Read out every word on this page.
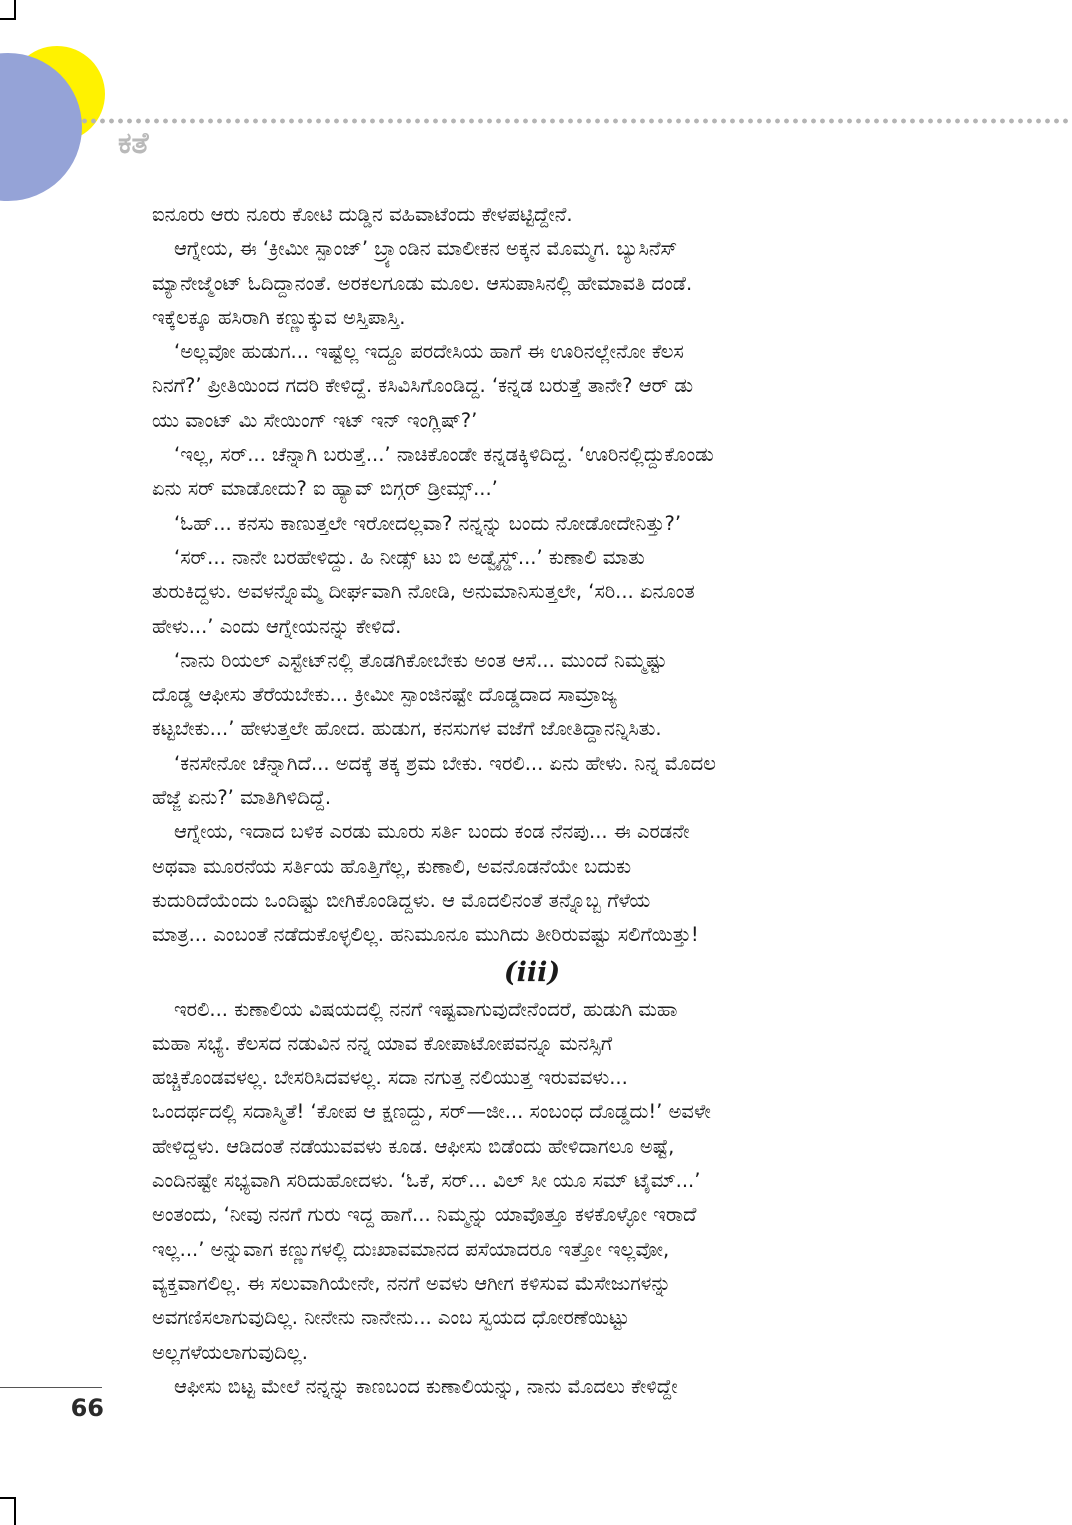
ಕತೆ
ಐನೂರು ಆರು ನೂರು ಕೋಟಿ ದುಡ್ಡಿನ ವಹಿವಾಟೆಂದು ಕೇಳಪಟ್ಟಿದ್ದೇನೆ.
ಆಗ್ನೇಯ, ಈ ‘ಕ್ರೀಮೀ ಸ್ಪಾಂಜ್’ ಬ್ರ್ಯಾಂಡಿನ ಮಾಲೀಕನ ಅಕ್ಕನ ಮೊಮ್ಮಗ. ಬ್ಯುಸಿನೆಸ್
ಮ್ಯಾನೇಜ್ಮೆಂಟ್ ಓದಿದ್ದಾನಂತೆ. ಅರಕಲಗೂಡು ಮೂಲ. ಆಸುಪಾಸಿನಲ್ಲಿ ಹೇಮಾವತಿ ದಂಡೆ.
ಇಕ್ಕೆಲಕ್ಕೂ ಹಸಿರಾಗಿ ಕಣ್ಣುಕ್ಕುವ ಅಸ್ತಿಪಾಸ್ತಿ.
‘ಅಲ್ಲವೋ ಹುಡುಗ... ಇಷ್ಟೆಲ್ಲ ಇದ್ದೂ ಪರದೇಸಿಯ ಹಾಗೆ ಈ ಊರಿನಲ್ಲೇನೋ ಕೆಲಸ
ನಿನಗೆ?’ ಪ್ರೀತಿಯಿಂದ ಗದರಿ ಕೇಳಿದ್ದೆ. ಕಸಿವಿಸಿಗೊಂಡಿದ್ದ. ‘ಕನ್ನಡ ಬರುತ್ತೆ ತಾನೇ? ಆರ್ ಡು
ಯು ವಾಂಟ್ ಮಿ ಸೇಯಿಂಗ್ ಇಟ್ ಇನ್ ಇಂಗ್ಲಿಷ್?’
‘ಇಲ್ಲ, ಸರ್... ಚೆನ್ನಾಗಿ ಬರುತ್ತೆ...’ ನಾಚಿಕೊಂಡೇ ಕನ್ನಡಕ್ಕಿಳಿದಿದ್ದ. ‘ಊರಿನಲ್ಲಿದ್ದುಕೊಂಡು
ಏನು ಸರ್ ಮಾಡೋದು? ಐ ಹ್ಯಾವ್ ಬಿಗ್ಗರ್ ಡ್ರೀಮ್ಸ್...’
‘ಓಹ್... ಕನಸು ಕಾಣುತ್ತಲೇ ಇರೋದಲ್ಲವಾ? ನನ್ನನ್ನು ಬಂದು ನೋಡೋದೇನಿತ್ತು?’
‘ಸರ್... ನಾನೇ ಬರಹೇಳಿದ್ದು. ಹಿ ನೀಡ್ಸ್ ಟು ಬಿ ಅಡ್ವೈಸ್ಡ್...’ ಕುಣಾಲಿ ಮಾತು
ತುರುಕಿದ್ದಳು. ಅವಳನ್ನೊಮ್ಮೆ ದೀರ್ಘವಾಗಿ ನೋಡಿ, ಅನುಮಾನಿಸುತ್ತಲೇ, ‘ಸರಿ... ಏನೂಂತ
ಹೇಳು...’ ಎಂದು ಆಗ್ನೇಯನನ್ನು ಕೇಳಿದೆ.
‘ನಾನು ರಿಯಲ್ ಎಸ್ಟೇಟ್‌ನಲ್ಲಿ ತೊಡಗಿಕೋಬೇಕು ಅಂತ ಆಸೆ... ಮುಂದೆ ನಿಮ್ಮಷ್ಟು
ದೊಡ್ಡ ಆಫೀಸು ತೆರೆಯಬೇಕು... ಕ್ರೀಮೀ ಸ್ಪಾಂಜಿನಷ್ಟೇ ದೊಡ್ಡದಾದ ಸಾಮ್ರಾಜ್ಯ
ಕಟ್ಟಬೇಕು...’ ಹೇಳುತ್ತಲೇ ಹೋದ. ಹುಡುಗ, ಕನಸುಗಳ ವಜೆಗೆ ಜೋತಿದ್ದಾನನ್ನಿಸಿತು.
‘ಕನಸೇನೋ ಚೆನ್ನಾಗಿದೆ... ಅದಕ್ಕೆ ತಕ್ಕ ಶ್ರಮ ಬೇಕು. ಇರಲಿ... ಏನು ಹೇಳು. ನಿನ್ನ ಮೊದಲ
ಹೆಜ್ಜೆ ಏನು?’ ಮಾತಿಗಿಳಿದಿದ್ದೆ.
ಆಗ್ನೇಯ, ಇದಾದ ಬಳಿಕ ಎರಡು ಮೂರು ಸರ್ತಿ ಬಂದು ಕಂಡ ನೆನಪು... ಈ ಎರಡನೇ
ಅಥವಾ ಮೂರನೆಯ ಸರ್ತಿಯ ಹೊತ್ತಿಗೆಲ್ಲ, ಕುಣಾಲಿ, ಅವನೊಡನೆಯೇ ಬದುಕು
ಕುದುರಿದೆಯೆಂದು ಒಂದಿಷ್ಟು ಬೀಗಿಕೊಂಡಿದ್ದಳು. ಆ ಮೊದಲಿನಂತೆ ತನ್ನೊಬ್ಬ ಗೆಳೆಯ
ಮಾತ್ರ... ಎಂಬಂತೆ ನಡೆದುಕೊಳ್ಳಲಿಲ್ಲ. ಹನಿಮೂನೂ ಮುಗಿದು ತೀರಿರುವಷ್ಟು ಸಲಿಗೆಯಿತ್ತು!
(iii)
ಇರಲಿ... ಕುಣಾಲಿಯ ವಿಷಯದಲ್ಲಿ ನನಗೆ ಇಷ್ಟವಾಗುವುದೇನೆಂದರೆ, ಹುಡುಗಿ ಮಹಾ
ಮಹಾ ಸಭ್ಯೆ. ಕೆಲಸದ ನಡುವಿನ ನನ್ನ ಯಾವ ಕೋಪಾಟೋಪವನ್ನೂ ಮನಸ್ಸಿಗೆ
ಹಚ್ಚಿಕೊಂಡವಳಲ್ಲ. ಬೇಸರಿಸಿದವಳಲ್ಲ. ಸದಾ ನಗುತ್ತ ನಲಿಯುತ್ತ ಇರುವವಳು...
ಒಂದರ್ಥದಲ್ಲಿ ಸದಾಸ್ಮಿತೆ! ‘ಕೋಪ ಆ ಕ್ಷಣದ್ದು, ಸರ್—ಜೀ... ಸಂಬಂಧ ದೊಡ್ಡದು!’ ಅವಳೇ
ಹೇಳಿದ್ದಳು. ಆಡಿದಂತೆ ನಡೆಯುವವಳು ಕೂಡ. ಆಫೀಸು ಬಿಡೆಂದು ಹೇಳಿದಾಗಲೂ ಅಷ್ಟೆ,
ಎಂದಿನಷ್ಟೇ ಸಭ್ಯವಾಗಿ ಸರಿದುಹೋದಳು. ‘ಓಕೆ, ಸರ್... ವಿಲ್ ಸೀ ಯೂ ಸಮ್ ಟೈಮ್...’
ಅಂತಂದು, ‘ನೀವು ನನಗೆ ಗುರು ಇದ್ದ ಹಾಗೆ... ನಿಮ್ಮನ್ನು ಯಾವೊತ್ತೂ ಕಳಕೊಳ್ಳೋ ಇರಾದೆ
ಇಲ್ಲ...’ ಅನ್ನುವಾಗ ಕಣ್ಣುಗಳಲ್ಲಿ ದುಃಖಾವಮಾನದ ಪಸೆಯಾದರೂ ಇತ್ತೋ ಇಲ್ಲವೋ,
ವ್ಯಕ್ತವಾಗಲಿಲ್ಲ. ಈ ಸಲುವಾಗಿಯೇನೇ, ನನಗೆ ಅವಳು ಆಗೀಗ ಕಳಿಸುವ ಮೆಸೇಜುಗಳನ್ನು
ಅವಗಣಿಸಲಾಗುವುದಿಲ್ಲ. ನೀನೇನು ನಾನೇನು... ಎಂಬ ಸ್ವಯದ ಧೋರಣೆಯಿಟ್ಟು
ಅಲ್ಲಗಳೆಯಲಾಗುವುದಿಲ್ಲ.
ಆಫೀಸು ಬಿಟ್ಟ ಮೇಲೆ ನನ್ನನ್ನು ಕಾಣಬಂದ ಕುಣಾಲಿಯನ್ನು, ನಾನು ಮೊದಲು ಕೇಳಿದ್ದೇ
66
